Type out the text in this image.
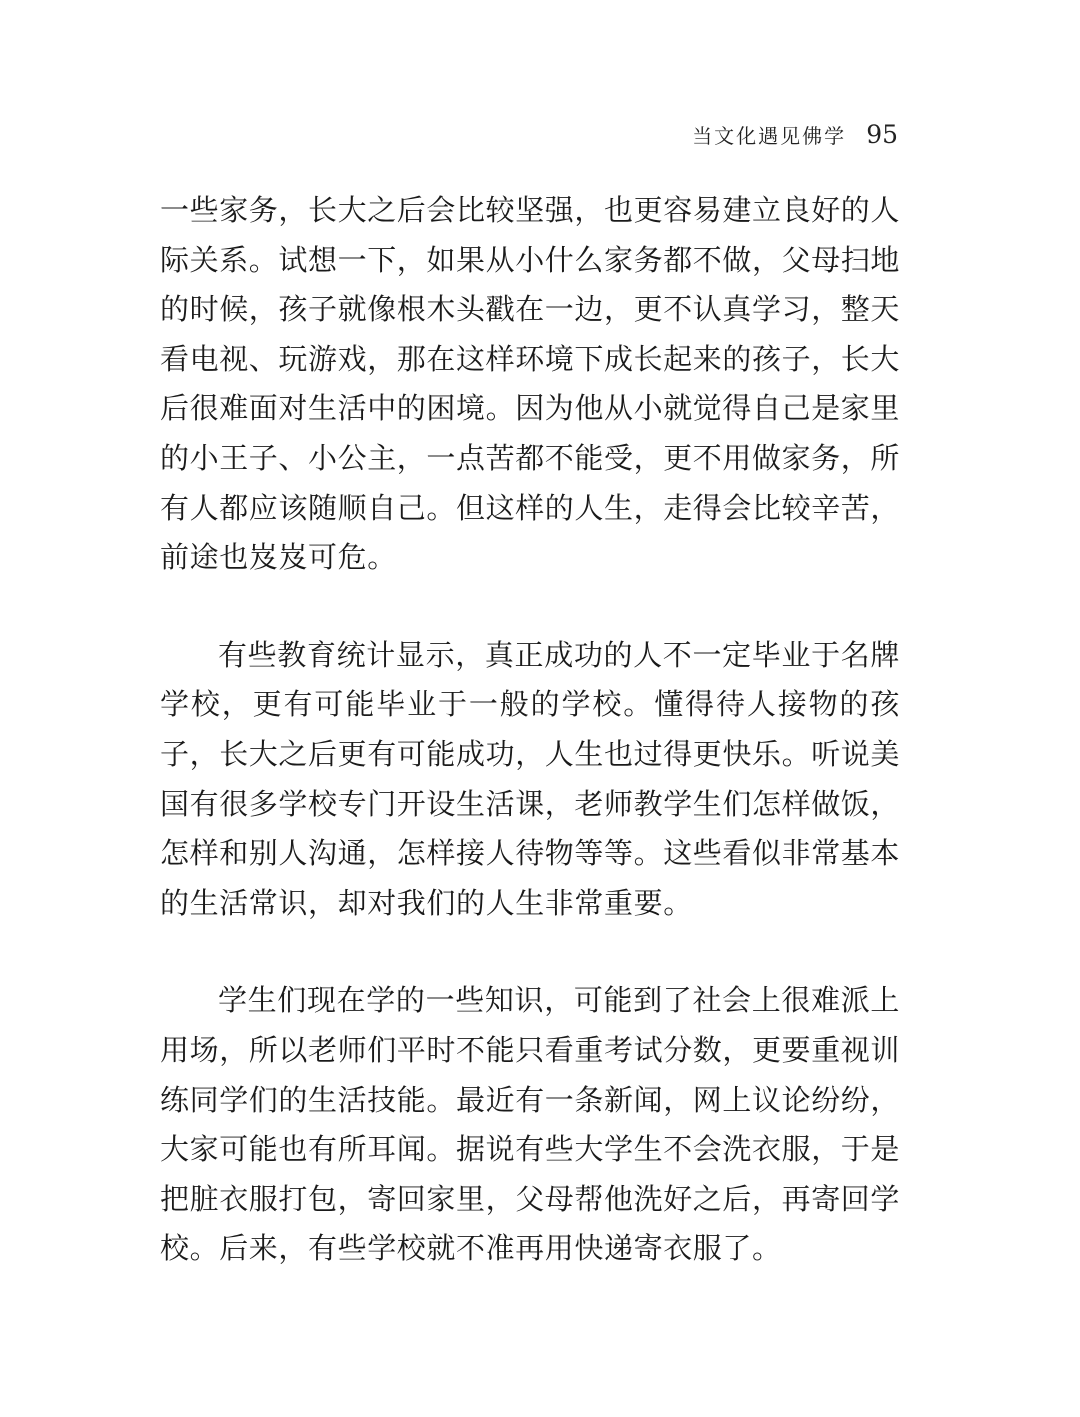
当文化遇见佛学 95

一些家务，长大之后会比较坚强，也更容易建立良好的人际关系。试想一下，如果从小什么家务都不做，父母扫地的时候，孩子就像根木头戳在一边，更不认真学习，整天看电视、玩游戏，那在这样环境下成长起来的孩子，长大后很难面对生活中的困境。因为他从小就觉得自己是家里的小王子、小公主，一点苦都不能受，更不用做家务，所有人都应该随顺自己。但这样的人生，走得会比较辛苦，前途也岌岌可危。

有些教育统计显示，真正成功的人不一定毕业于名牌学校，更有可能毕业于一般的学校。懂得待人接物的孩子，长大之后更有可能成功，人生也过得更快乐。听说美国有很多学校专门开设生活课，老师教学生们怎样做饭，怎样和别人沟通，怎样接人待物等等。这些看似非常基本的生活常识，却对我们的人生非常重要。

学生们现在学的一些知识，可能到了社会上很难派上用场，所以老师们平时不能只看重考试分数，更要重视训练同学们的生活技能。最近有一条新闻，网上议论纷纷，大家可能也有所耳闻。据说有些大学生不会洗衣服，于是把脏衣服打包，寄回家里，父母帮他洗好之后，再寄回学校。后来，有些学校就不准再用快递寄衣服了。
